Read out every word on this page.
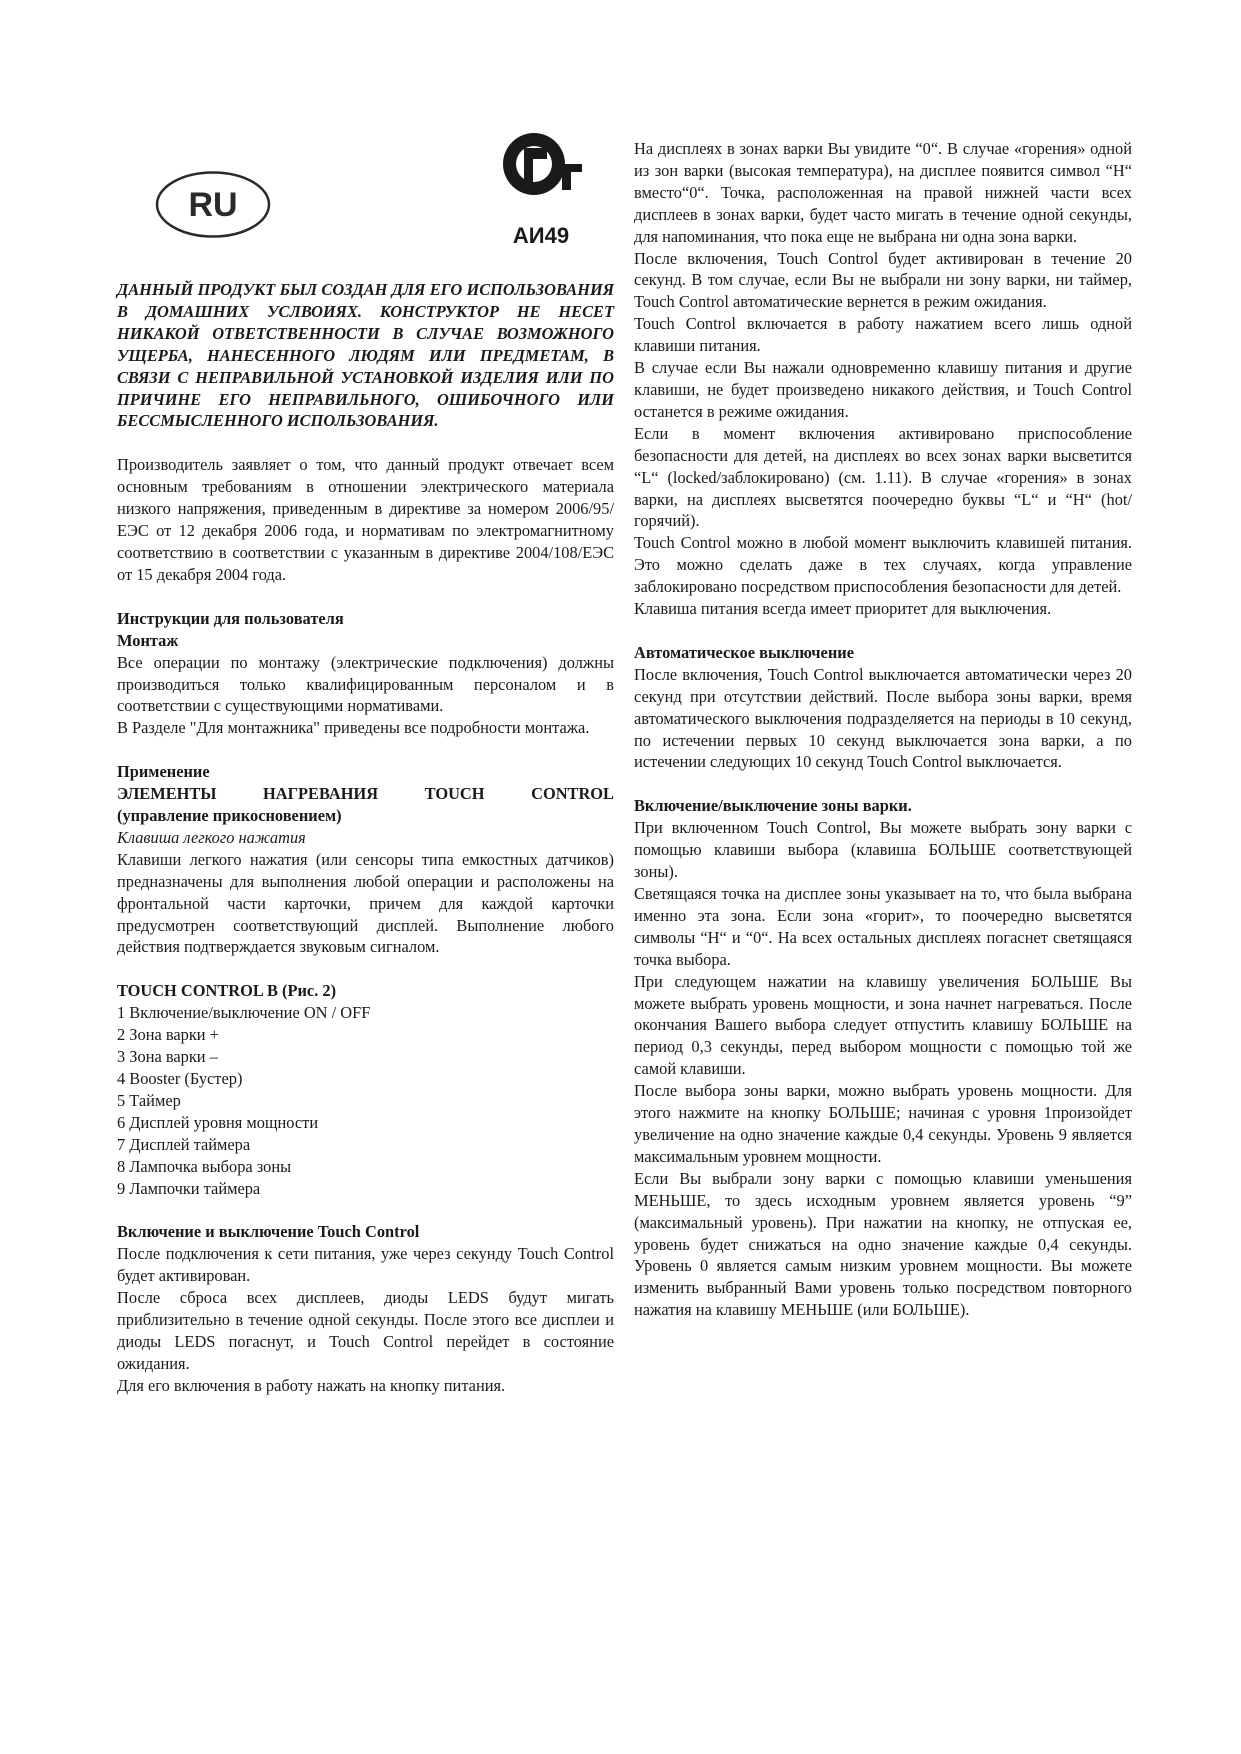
RU
АИ49

ДАННЫЙ ПРОДУКТ БЫЛ СОЗДАН ДЛЯ ЕГО ИСПОЛЬЗОВАНИЯ В ДОМАШНИХ УСЛВОИЯХ. КОНСТРУКТОР НЕ НЕСЕТ НИКАКОЙ ОТВЕТСТВЕННОСТИ В СЛУЧАЕ ВОЗМОЖНОГО УЩЕРБА, НАНЕСЕННОГО ЛЮДЯМ ИЛИ ПРЕДМЕТАМ, В СВЯЗИ С НЕПРАВИЛЬНОЙ УСТАНОВКОЙ ИЗДЕЛИЯ ИЛИ ПО ПРИЧИНЕ ЕГО НЕПРАВИЛЬНОГО, ОШИБОЧНОГО ИЛИ БЕССМЫСЛЕННОГО ИСПОЛЬЗОВАНИЯ.

Производитель заявляет о том, что данный продукт отвечает всем основным требованиям в отношении электрического материала низкого напряжения, приведенным в директиве за номером 2006/95/ЕЭС от 12 декабря 2006 года, и нормативам по электромагнитному соответствию в соответствии с указанным в директиве 2004/108/ЕЭС от 15 декабря 2004 года.

Инструкции для пользователя

Монтаж

Все операции по монтажу (электрические подключения) должны производиться только квалифицированным персоналом и в соответствии с существующими нормативами.

В Разделе "Для монтажника" приведены все подробности монтажа.

Применение

ЭЛЕМЕНТЫ НАГРЕВАНИЯ TOUCH CONTROL

(управление прикосновением)

Клавиша легкого нажатия

Клавиши легкого нажатия (или сенсоры типа емкостных датчиков) предназначены для выполнения любой операции и расположены на фронтальной части карточки, причем для каждой карточки предусмотрен соответствующий дисплей. Выполнение любого действия подтверждается звуковым сигналом.

TOUCH CONTROL B (Рис. 2)

1 Включение/выключение ON / OFF
2 Зона варки +
3 Зона варки –
4 Booster (Бустер)
5 Таймер
6 Дисплей уровня мощности
7 Дисплей таймера
8 Лампочка выбора зоны
9 Лампочки таймера

Включение и выключение Touch Control

После подключения к сети питания, уже через секунду Touch Control будет активирован.

После сброса всех дисплеев, диоды LEDS будут мигать приблизительно в течение одной секунды. После этого все дисплеи и диоды LEDS погаснут, и Touch Control перейдет в состояние ожидания.

Для его включения в работу нажать на кнопку питания.

На дисплеях в зонах варки Вы увидите “0“. В случае «горения» одной из зон варки (высокая температура), на дисплее появится символ “Н“ вместо“0“. Точка, расположенная на правой нижней части всех дисплеев в зонах варки, будет часто мигать в течение одной секунды, для напоминания, что пока еще не выбрана ни одна зона варки.

После включения, Touch Control будет активирован в течение 20 секунд. В том случае, если Вы не выбрали ни зону варки, ни таймер, Touch Control автоматические вернется в режим ожидания.

Touch Control включается в работу нажатием всего лишь одной клавиши питания.

В случае если Вы нажали одновременно клавишу питания и другие клавиши, не будет произведено никакого действия, и Touch Control останется в режиме ожидания.

Если в момент включения активировано приспособление безопасности для детей, на дисплеях во всех зонах варки высветится “L“ (locked/заблокировано) (см. 1.11). В случае «горения» в зонах варки, на дисплеях высветятся поочередно буквы “L“ и “Н“ (hot/горячий).

Touch Control можно в любой момент выключить клавишей питания. Это можно сделать даже в тех случаях, когда управление заблокировано посредством приспособления безопасности для детей.

Клавиша питания всегда имеет приоритет для выключения.

Автоматическое выключение

После включения, Touch Control выключается автоматически через 20 секунд при отсутствии действий. После выбора зоны варки, время автоматического выключения подразделяется на периоды в 10 секунд, по истечении первых 10 секунд выключается зона варки, а по истечении следующих 10 секунд Touch Control выключается.

Включение/выключение зоны варки.

При включенном Touch Control, Вы можете выбрать зону варки с помощью клавиши выбора (клавиша БОЛЬШЕ соответствующей зоны).

Светящаяся точка на дисплее зоны указывает на то, что была выбрана именно эта зона. Если зона «горит», то поочередно высветятся символы “Н“ и “0“. На всех остальных дисплеях погаснет светящаяся точка выбора.

При следующем нажатии на клавишу увеличения БОЛЬШЕ Вы можете выбрать уровень мощности, и зона начнет нагреваться. После окончания Вашего выбора следует отпустить клавишу БОЛЬШЕ на период 0,3 секунды, перед выбором мощности с помощью той же самой клавиши.

После выбора зоны варки, можно выбрать уровень мощности. Для этого нажмите на кнопку БОЛЬШЕ; начиная с уровня 1произойдет увеличение на одно значение каждые 0,4 секунды. Уровень 9 является максимальным уровнем мощности.

Если Вы выбрали зону варки с помощью клавиши уменьшения МЕНЬШЕ, то здесь исходным уровнем является уровень “9” (максимальный уровень). При нажатии на кнопку, не отпуская ее, уровень будет снижаться на одно значение каждые 0,4 секунды. Уровень 0 является самым низким уровнем мощности. Вы можете изменить выбранный Вами уровень только посредством повторного нажатия на клавишу МЕНЬШЕ (или БОЛЬШЕ).
